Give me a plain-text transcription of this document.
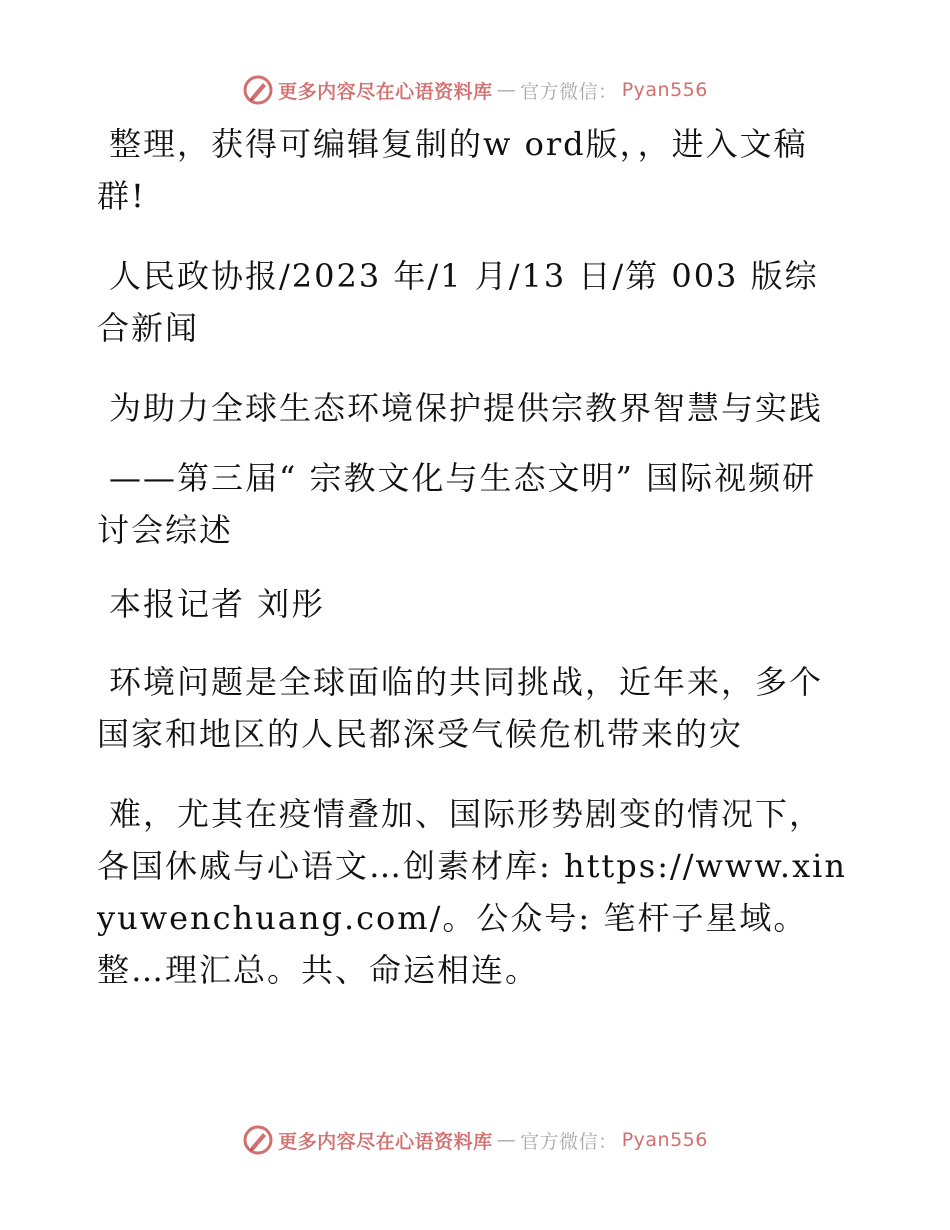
更多内容尽在心语资料库 — 官方微信： Pyan556

整理，获得可编辑复制的w ord版，，进入文稿群!

人民政协报/2023 年/1 月/13 日/第 003 版综合新闻

为助力全球生态环境保护提供宗教界智慧与实践

——第三届“ 宗教文化与生态文明” 国际视频研讨会综述

本报记者 刘彤

环境问题是全球面临的共同挑战，近年来，多个国家和地区的人民都深受气候危机带来的灾

难，尤其在疫情叠加、国际形势剧变的情况下，各国休戚与心语文…创素材库: https://www.xinyuwenchuang.com/。公众号: 笔杆子星域。整…理汇总。共、命运相连。

更多内容尽在心语资料库 — 官方微信： Pyan556
